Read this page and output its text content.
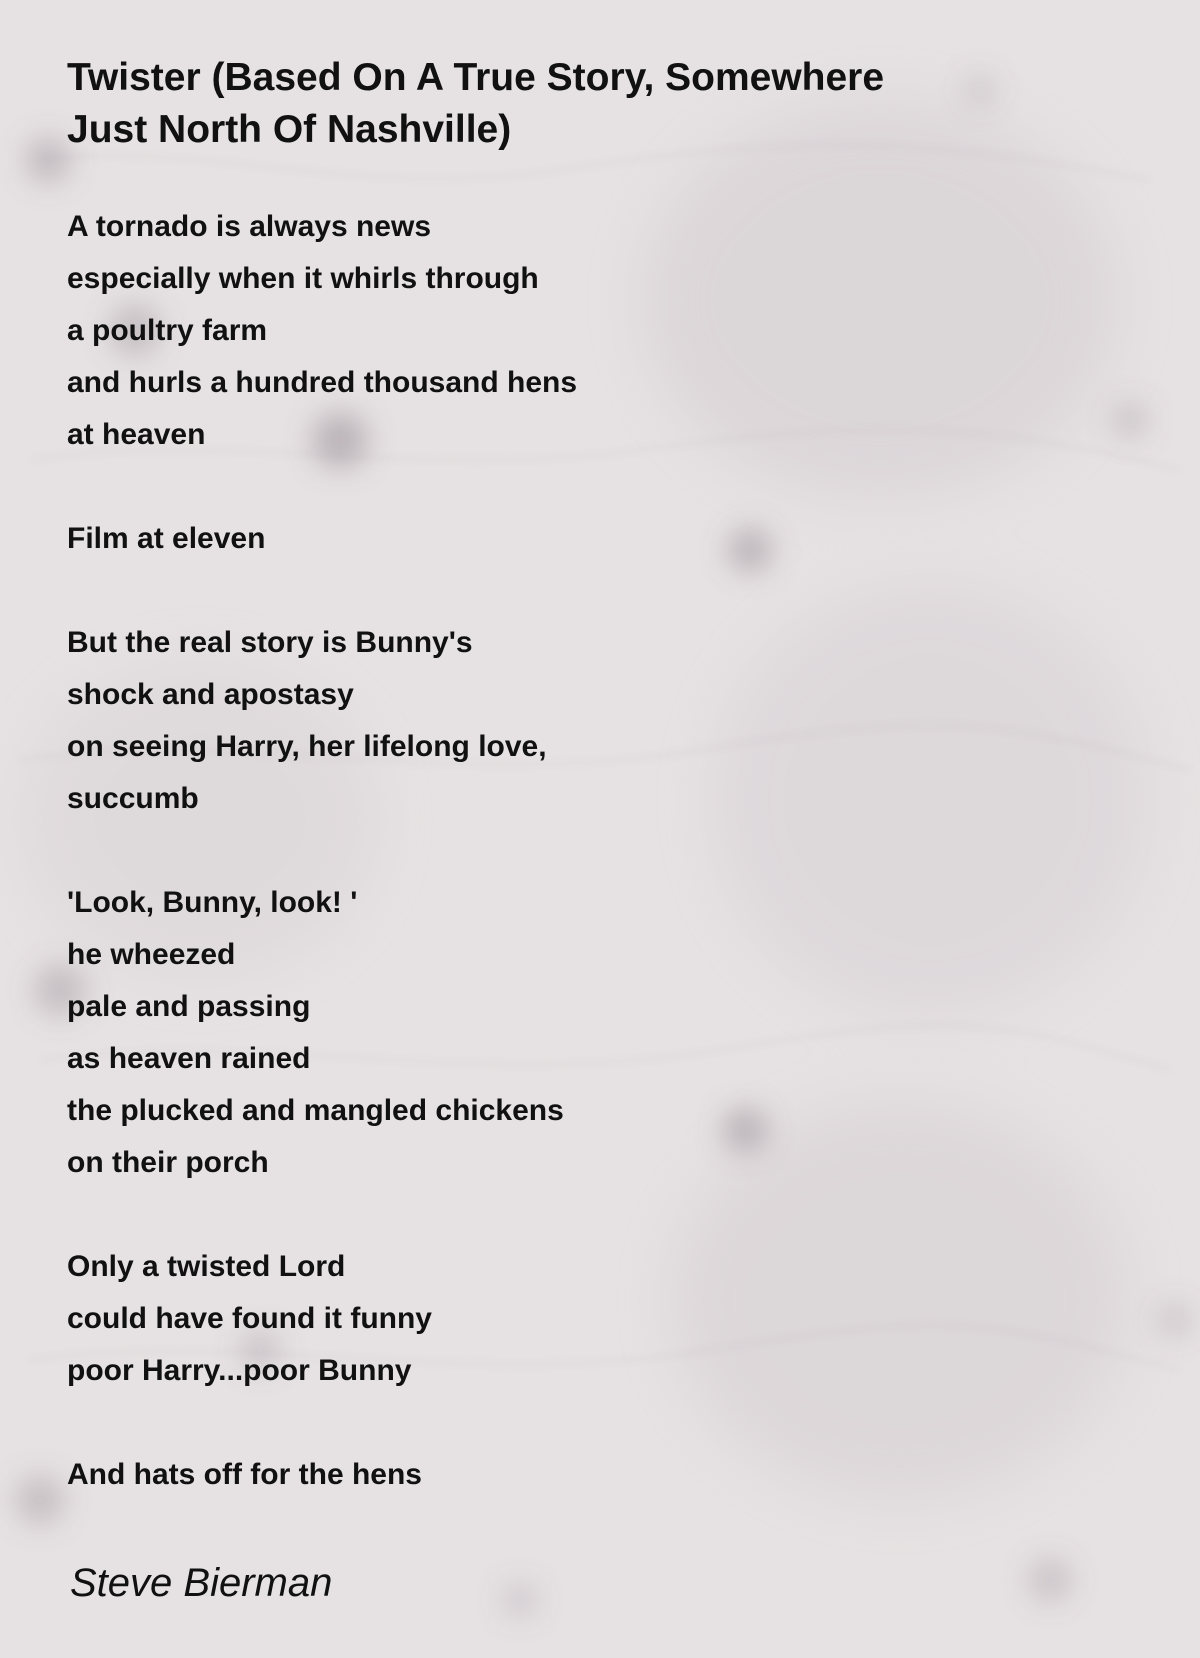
Twister (Based On A True Story, Somewhere
Just North Of Nashville)
A tornado is always news
especially when it whirls through
a poultry farm
and hurls a hundred thousand hens
at heaven
Film at eleven
But the real story is Bunny's
shock and apostasy
on seeing Harry, her lifelong love,
succumb
'Look, Bunny, look! '
he wheezed
pale and passing
as heaven rained
the plucked and mangled chickens
on their porch
Only a twisted Lord
could have found it funny
poor Harry...poor Bunny
And hats off for the hens

Steve Bierman
